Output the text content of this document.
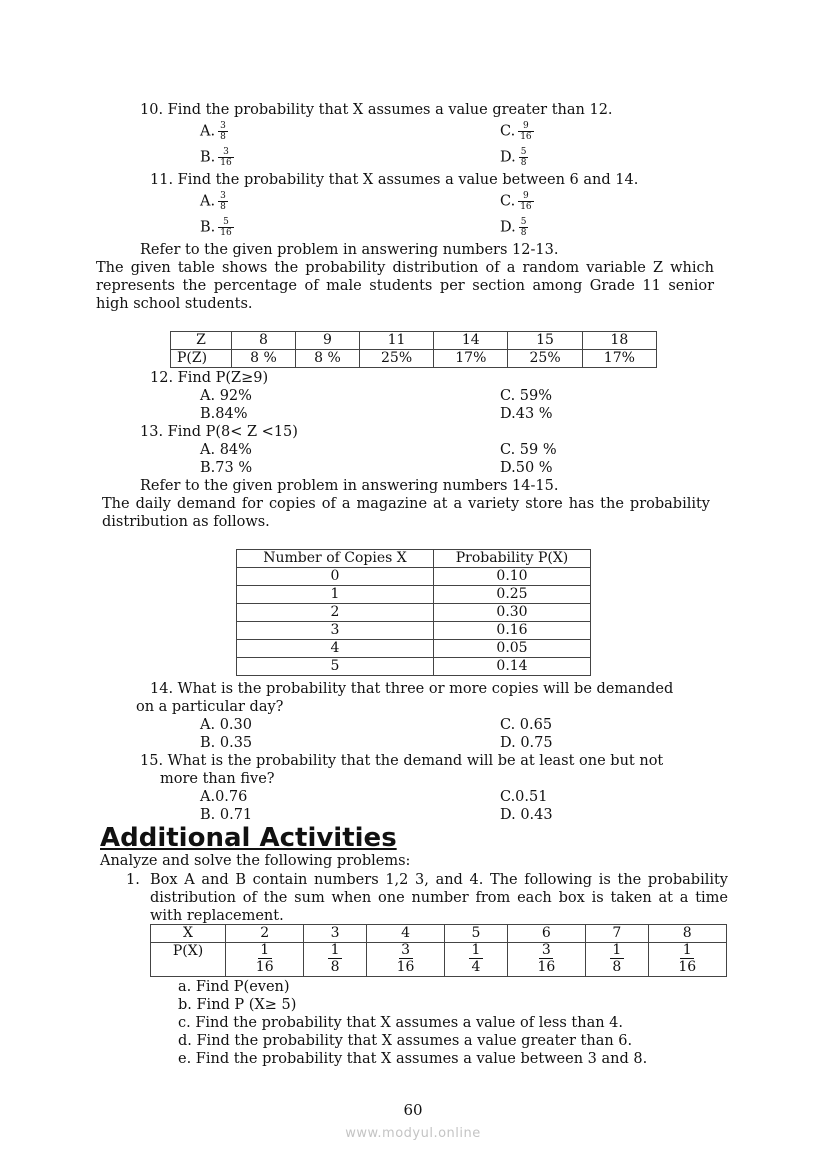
10. Find the probability that X assumes a value greater than 12.
A. $\frac{3}{8}$	C. $\frac{9}{16}$
B. $\frac{3}{16}$	D. $\frac{5}{8}$
11. Find the probability that X assumes a value between 6 and 14.
A. $\frac{3}{8}$	C. $\frac{9}{16}$
B. $\frac{5}{16}$	D. $\frac{5}{8}$
Refer to the given problem in answering numbers 12-13.
The given table shows the probability distribution of a random variable Z which represents the percentage of male students per section among Grade 11 senior high school students.
Z	8	9	11	14	15	18
P(Z)	8 %	8 %	25%	17%	25%	17%
12. Find P(Z≥9)
A. 92%	C. 59%
B.84%	D.43 %
13. Find P(8< Z <15)
A. 84%	C. 59 %
B.73 %	D.50 %
Refer to the given problem in answering numbers 14-15.
The daily demand for copies of a magazine at a variety store has the probability distribution as follows.
Number of Copies X	Probability P(X)
0	0.10
1	0.25
2	0.30
3	0.16
4	0.05
5	0.14
14. What is the probability that three or more copies will be demanded
on a particular day?
A. 0.30	C. 0.65
B. 0.35	D. 0.75
15. What is the probability that the demand will be at least one but not
more than five?
A.0.76	C.0.51
B. 0.71	D. 0.43
Additional Activities
Analyze and solve the following problems:
1. Box A and B contain numbers 1,2 3, and 4. The following is the probability distribution of the sum when one number from each box is taken at a time with replacement.
X	2	3	4	5	6	7	8
P(X)	$\frac{1}{16}$	$\frac{1}{8}$	$\frac{3}{16}$	$\frac{1}{4}$	$\frac{3}{16}$	$\frac{1}{8}$	$\frac{1}{16}$
a. Find P(even)
b. Find P (X≥ 5)
c. Find the probability that X assumes a value of less than 4.
d. Find the probability that X assumes a value greater than 6.
e. Find the probability that X assumes a value between 3 and 8.
60
www.modyul.online
